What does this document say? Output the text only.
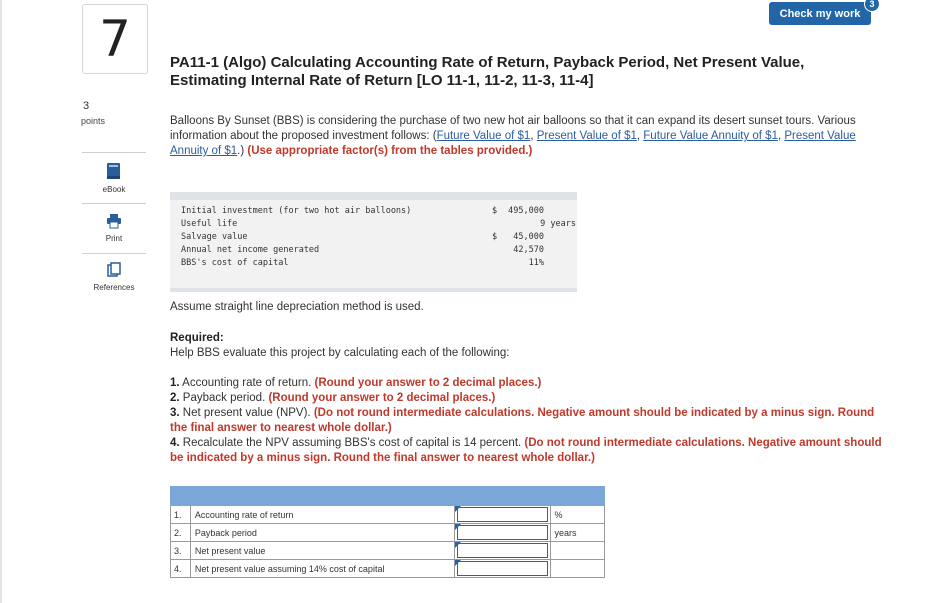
7
3
points
eBook
Print
References
Check my work
3
PA11-1 (Algo) Calculating Accounting Rate of Return, Payback Period, Net Present Value, Estimating Internal Rate of Return [LO 11-1, 11-2, 11-3, 11-4]
Balloons By Sunset (BBS) is considering the purchase of two new hot air balloons so that it can expand its desert sunset tours. Various information about the proposed investment follows: (Future Value of $1, Present Value of $1, Future Value Annuity of $1, Present Value Annuity of $1.) (Use appropriate factor(s) from the tables provided.)
Initial investment (for two hot air balloons)	$ 495,000
Useful life	9 years
Salvage value	$ 45,000
Annual net income generated	42,570
BBS's cost of capital	11%
Assume straight line depreciation method is used.
Required:
Help BBS evaluate this project by calculating each of the following:
1. Accounting rate of return. (Round your answer to 2 decimal places.)
2. Payback period. (Round your answer to 2 decimal places.)
3. Net present value (NPV). (Do not round intermediate calculations. Negative amount should be indicated by a minus sign. Round the final answer to nearest whole dollar.)
4. Recalculate the NPV assuming BBS's cost of capital is 14 percent. (Do not round intermediate calculations. Negative amount should be indicated by a minus sign. Round the final answer to nearest whole dollar.)

1.	Accounting rate of return		%
2.	Payback period		years
3.	Net present value	

4.	Net present value assuming 14% cost of capital	
